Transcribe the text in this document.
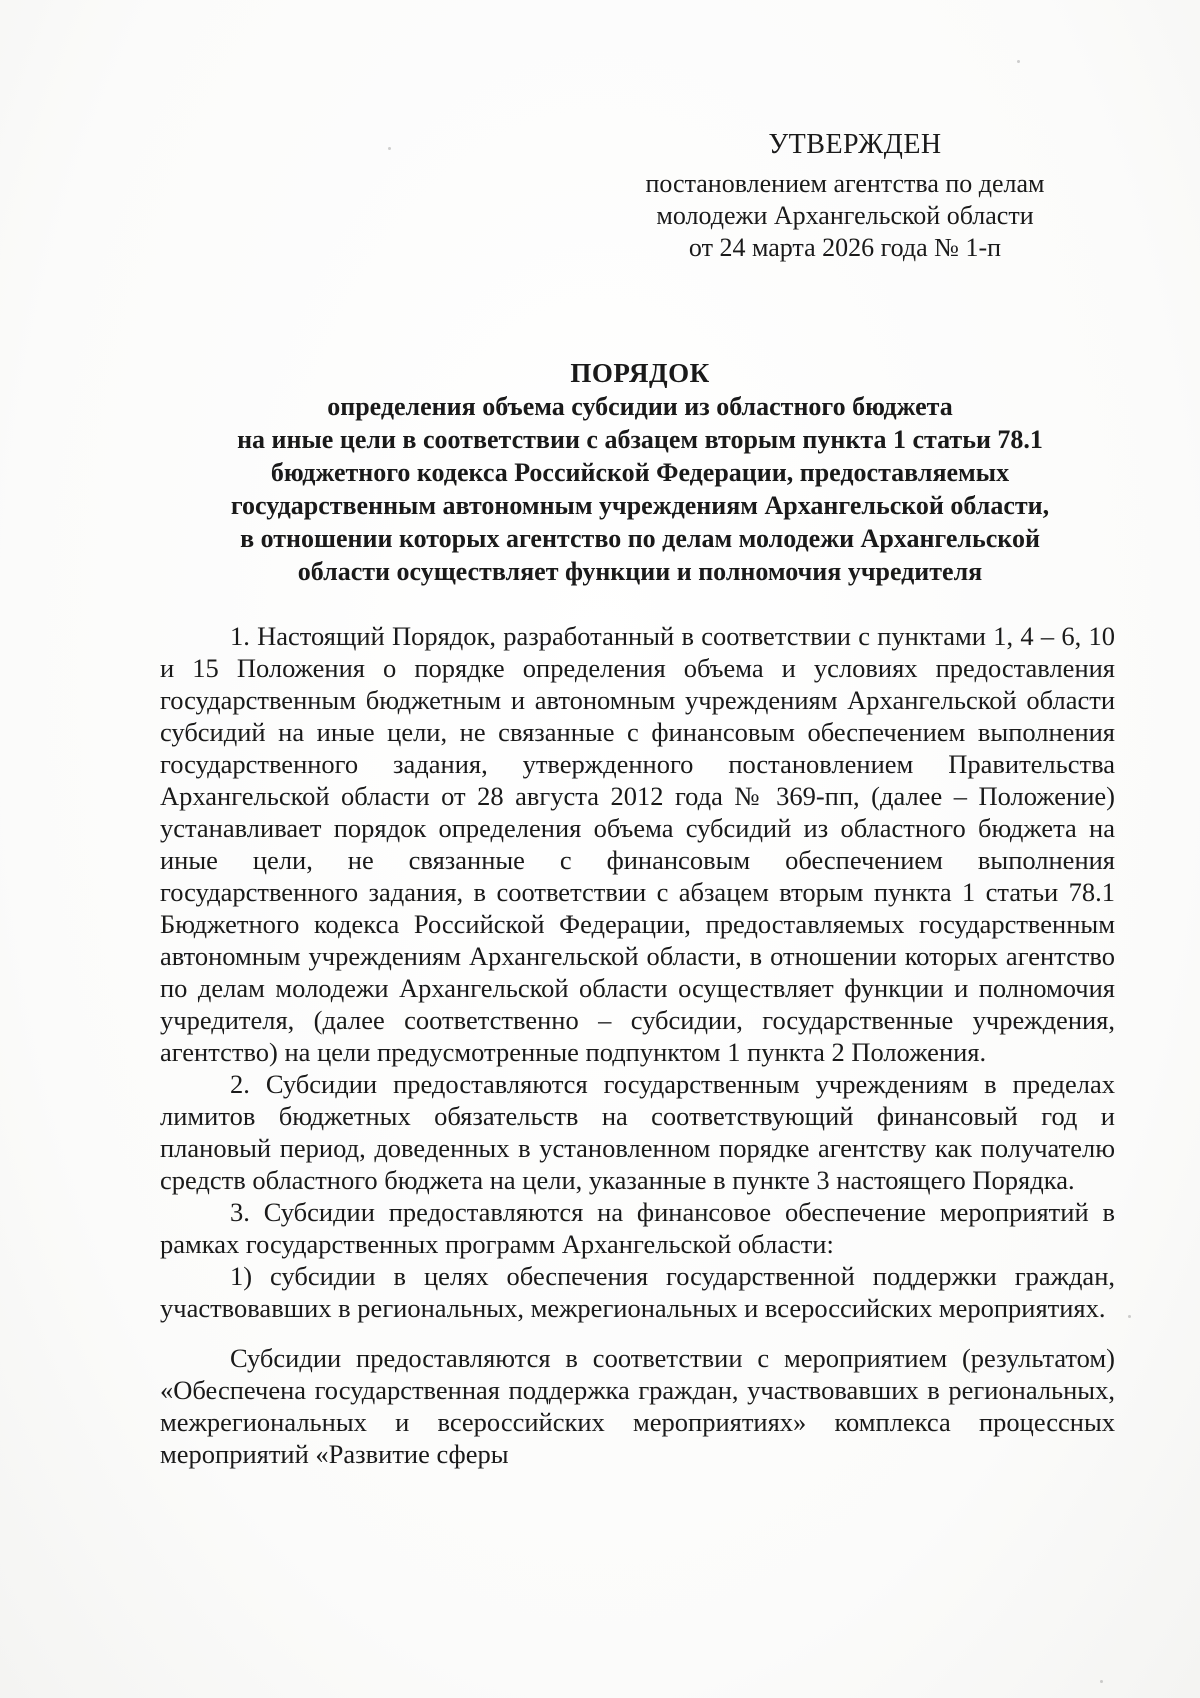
УТВЕРЖДЕН
постановлением агентства по делам
молодежи Архангельской области
от 24 марта 2026 года № 1-п
ПОРЯДОК
определения объема субсидии из областного бюджета
на иные цели в соответствии с абзацем вторым пункта 1 статьи 78.1
бюджетного кодекса Российской Федерации, предоставляемых
государственным автономным учреждениям Архангельской области,
в отношении которых агентство по делам молодежи Архангельской
области осуществляет функции и полномочия учредителя

1. Настоящий Порядок, разработанный в соответствии с пунктами 1, 4 – 6, 10 и 15 Положения о порядке определения объема и условиях предоставления государственным бюджетным и автономным учреждениям Архангельской области субсидий на иные цели, не связанные с финансовым обеспечением выполнения государственного задания, утвержденного постановлением Правительства Архангельской области от 28 августа 2012 года № 369-пп, (далее – Положение) устанавливает порядок определения объема субсидий из областного бюджета на иные цели, не связанные с финансовым обеспечением выполнения государственного задания, в соответствии с абзацем вторым пункта 1 статьи 78.1 Бюджетного кодекса Российской Федерации, предоставляемых государственным автономным учреждениям Архангельской области, в отношении которых агентство по делам молодежи Архангельской области осуществляет функции и полномочия учредителя, (далее соответственно – субсидии, государственные учреждения, агентство) на цели предусмотренные подпунктом 1 пункта 2 Положения.

2. Субсидии предоставляются государственным учреждениям в пределах лимитов бюджетных обязательств на соответствующий финансовый год и плановый период, доведенных в установленном порядке агентству как получателю средств областного бюджета на цели, указанные в пункте 3 настоящего Порядка.

3. Субсидии предоставляются на финансовое обеспечение мероприятий в рамках государственных программ Архангельской области:

1) субсидии в целях обеспечения государственной поддержки граждан, участвовавших в региональных, межрегиональных и всероссийских мероприятиях.

Субсидии предоставляются в соответствии с мероприятием (результатом) «Обеспечена государственная поддержка граждан, участвовавших в региональных, межрегиональных и всероссийских мероприятиях» комплекса процессных мероприятий «Развитие сферы
